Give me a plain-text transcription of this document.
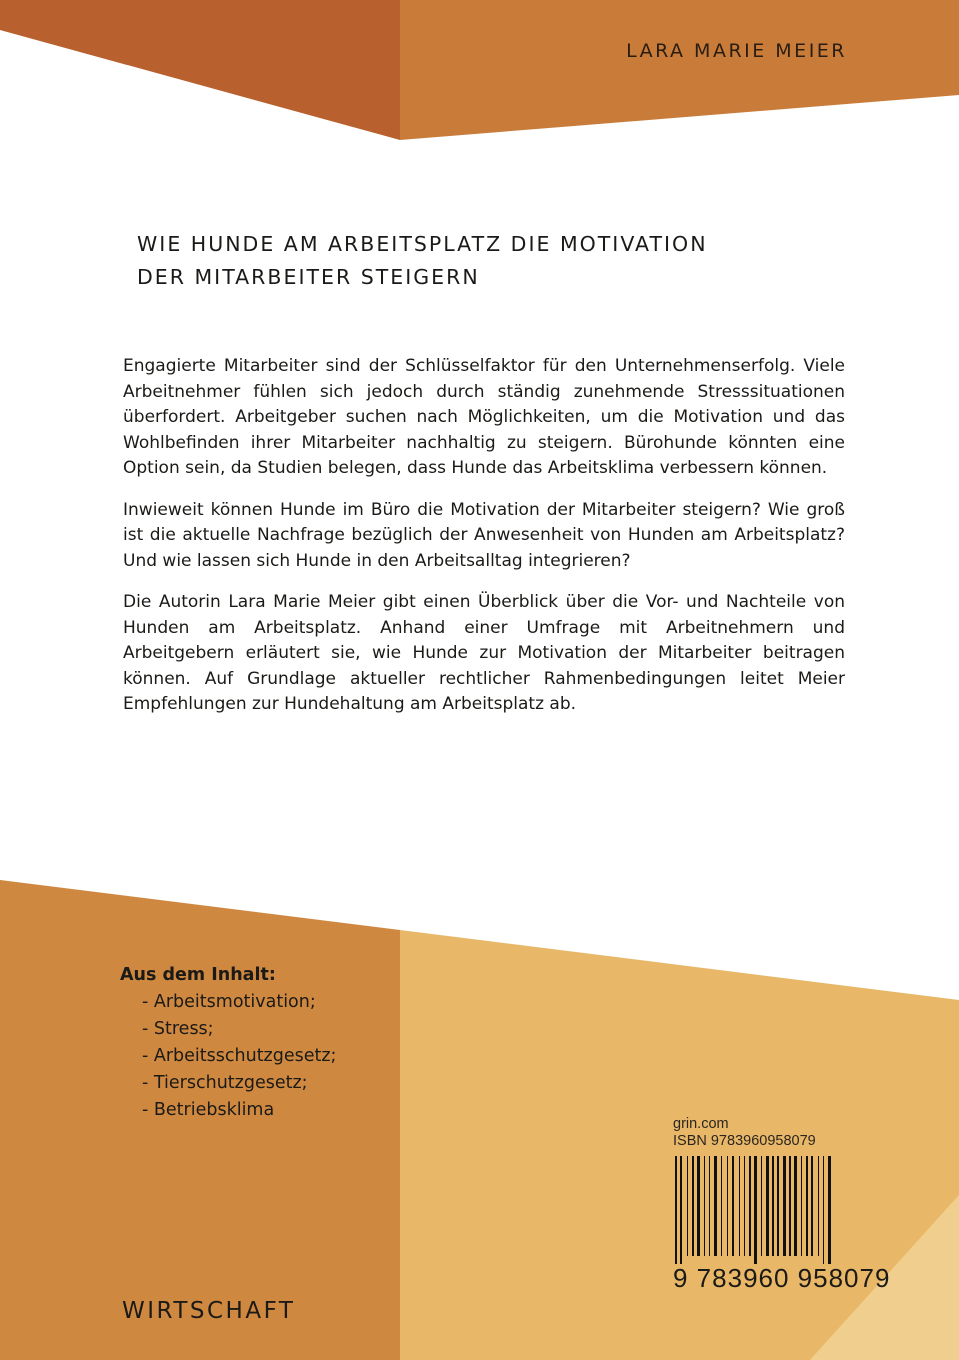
LARA MARIE MEIER
WIE HUNDE AM ARBEITSPLATZ DIE MOTIVATION
DER MITARBEITER STEIGERN

Engagierte Mitarbeiter sind der Schlüsselfaktor für den Unternehmenserfolg. Viele Arbeitnehmer fühlen sich jedoch durch ständig zunehmende Stresssituationen überfordert. Arbeitgeber suchen nach Möglichkeiten, um die Motivation und das Wohlbefinden ihrer Mitarbeiter nachhaltig zu steigern. Bürohunde könnten eine Option sein, da Studien belegen, dass Hunde das Arbeitsklima verbessern können.

Inwieweit können Hunde im Büro die Motivation der Mitarbeiter steigern? Wie groß ist die aktuelle Nachfrage bezüglich der Anwesenheit von Hunden am Arbeitsplatz? Und wie lassen sich Hunde in den Arbeitsalltag integrieren?

Die Autorin Lara Marie Meier gibt einen Überblick über die Vor- und Nachteile von Hunden am Arbeitsplatz. Anhand einer Umfrage mit Arbeitnehmern und Arbeitgebern erläutert sie, wie Hunde zur Motivation der Mitarbeiter beitragen können. Auf Grundlage aktueller rechtlicher Rahmenbedingungen leitet Meier Empfehlungen zur Hundehaltung am Arbeitsplatz ab.

Aus dem Inhalt:
- Arbeitsmotivation;
- Stress;
- Arbeitsschutzgesetz;
- Tierschutzgesetz;
- Betriebsklima
grin.com
ISBN 9783960958079
9 783960 958079
WIRTSCHAFT
